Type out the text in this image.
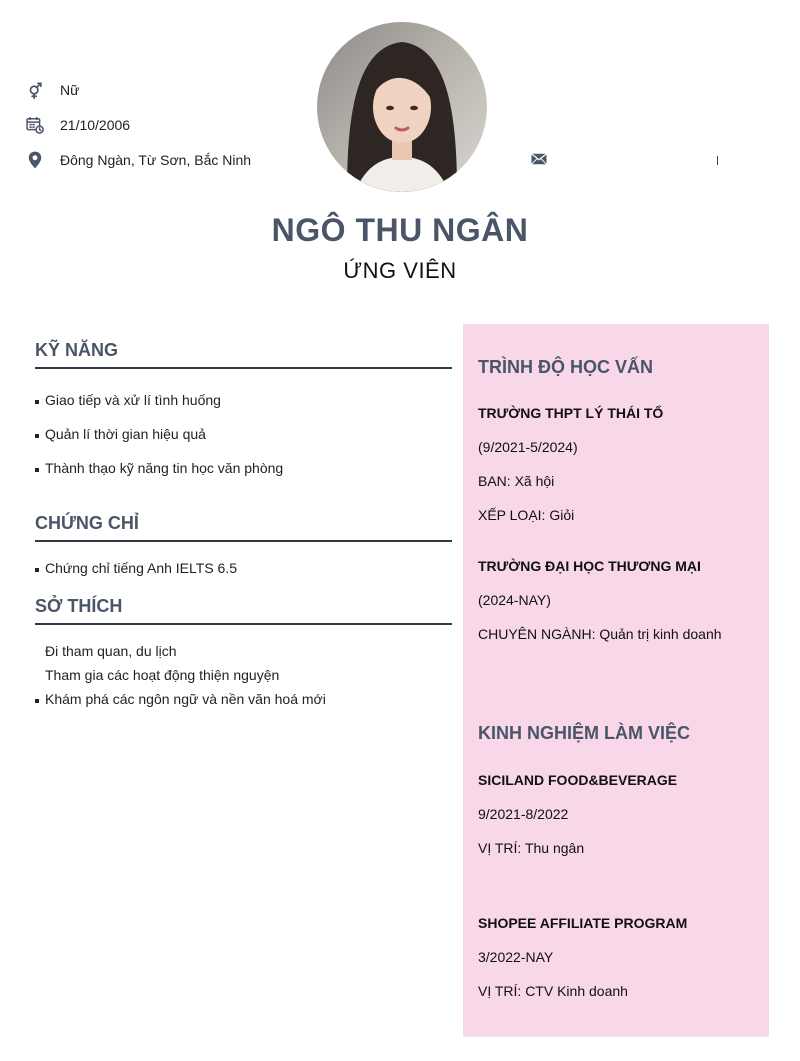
Nữ
21/10/2006
Đông Ngàn, Từ Sơn, Bắc Ninh
NGÔ THU NGÂN
ỨNG VIÊN
KỸ NĂNG
Giao tiếp và xử lí tình huống
Quản lí thời gian hiệu quả
Thành thạo kỹ năng tin học văn phòng
CHỨNG CHỈ
Chứng chỉ tiếng Anh IELTS 6.5
SỞ THÍCH
Đi tham quan, du lịch
Tham gia các hoạt động thiện nguyện
Khám phá các ngôn ngữ và nền văn hoá mới
TRÌNH ĐỘ HỌC VẤN
TRƯỜNG THPT LÝ THÁI TỔ
(9/2021-5/2024)
BAN: Xã hội
XẾP LOẠI: Giỏi
TRƯỜNG ĐẠI HỌC THƯƠNG MẠI
(2024-NAY)
CHUYÊN NGÀNH: Quản trị kinh doanh
KINH NGHIỆM LÀM VIỆC
SICILAND FOOD&BEVERAGE
9/2021-8/2022
VỊ TRÍ: Thu ngân
SHOPEE AFFILIATE PROGRAM
3/2022-NAY
VỊ TRÍ: CTV Kinh doanh
